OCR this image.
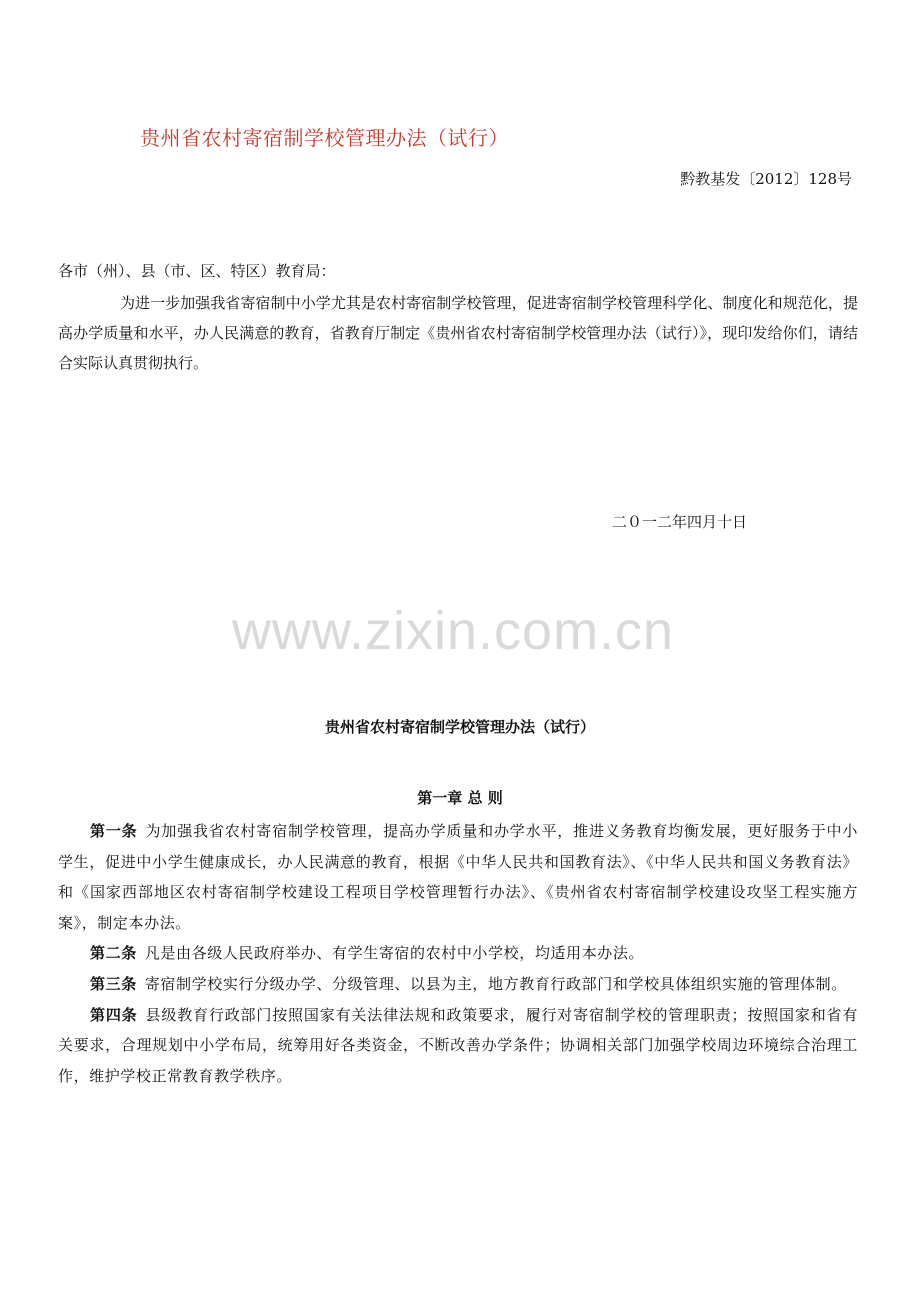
贵州省农村寄宿制学校管理办法（试行）
黔教基发〔2012〕128号
各市（州）、县（市、区、特区）教育局：
为进一步加强我省寄宿制中小学尤其是农村寄宿制学校管理，促进寄宿制学校管理科学化、制度化和规范化，提高办学质量和水平，办人民满意的教育，省教育厅制定《贵州省农村寄宿制学校管理办法（试行）》，现印发给你们，请结合实际认真贯彻执行。
二０一二年四月十日
www.zixin.com.cn
贵州省农村寄宿制学校管理办法（试行）
第一章 总 则

第一条 为加强我省农村寄宿制学校管理，提高办学质量和办学水平，推进义务教育均衡发展，更好服务于中小学生，促进中小学生健康成长，办人民满意的教育，根据《中华人民共和国教育法》、《中华人民共和国义务教育法》和《国家西部地区农村寄宿制学校建设工程项目学校管理暂行办法》、《贵州省农村寄宿制学校建设攻坚工程实施方案》，制定本办法。

第二条 凡是由各级人民政府举办、有学生寄宿的农村中小学校，均适用本办法。

第三条 寄宿制学校实行分级办学、分级管理、以县为主，地方教育行政部门和学校具体组织实施的管理体制。

第四条 县级教育行政部门按照国家有关法律法规和政策要求，履行对寄宿制学校的管理职责；按照国家和省有关要求，合理规划中小学布局，统筹用好各类资金，不断改善办学条件；协调相关部门加强学校周边环境综合治理工作，维护学校正常教育教学秩序。
